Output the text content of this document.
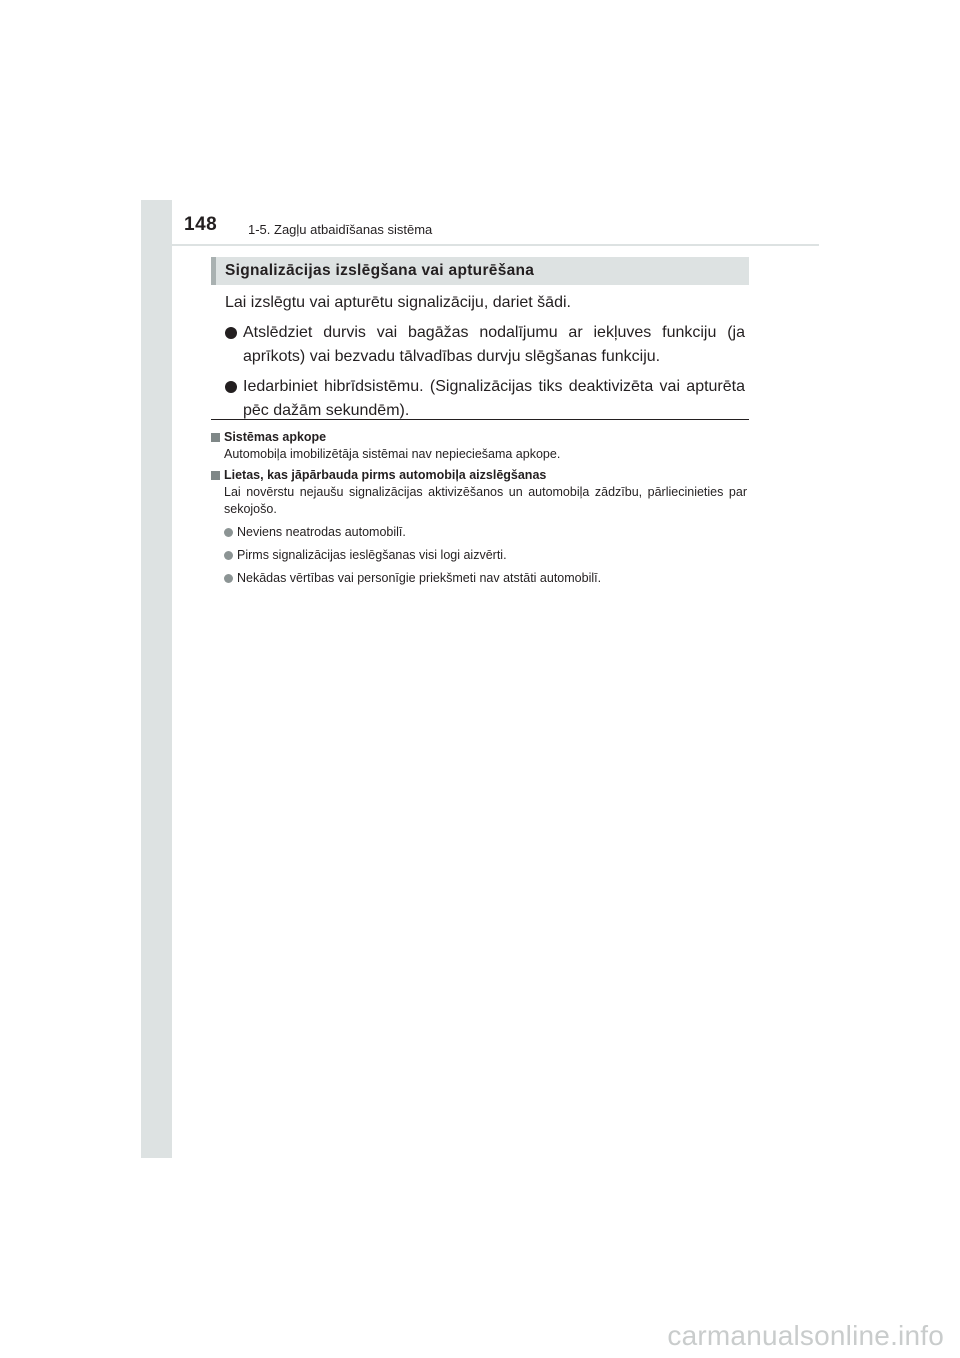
148 1-5. Zagļu atbaidīšanas sistēma
Signalizācijas izslēgšana vai apturēšana

Lai izslēgtu vai apturētu signalizāciju, dariet šādi.

Atslēdziet durvis vai bagāžas nodalījumu ar iekļuves funkciju (ja aprīkots) vai bezvadu tālvadības durvju slēgšanas funkciju.

Iedarbiniet hibrīdsistēmu. (Signalizācijas tiks deaktivizēta vai apturēta pēc dažām sekundēm).

Sistēmas apkope
Automobiļa imobilizētāja sistēmai nav nepieciešama apkope.
Lietas, kas jāpārbauda pirms automobiļa aizslēgšanas
Lai novērstu nejaušu signalizācijas aktivizēšanos un automobiļa zādzību, pārliecinieties par sekojošo.
Neviens neatrodas automobilī.
Pirms signalizācijas ieslēgšanas visi logi aizvērti.
Nekādas vērtības vai personīgie priekšmeti nav atstāti automobilī.
carmanualsonline.info
